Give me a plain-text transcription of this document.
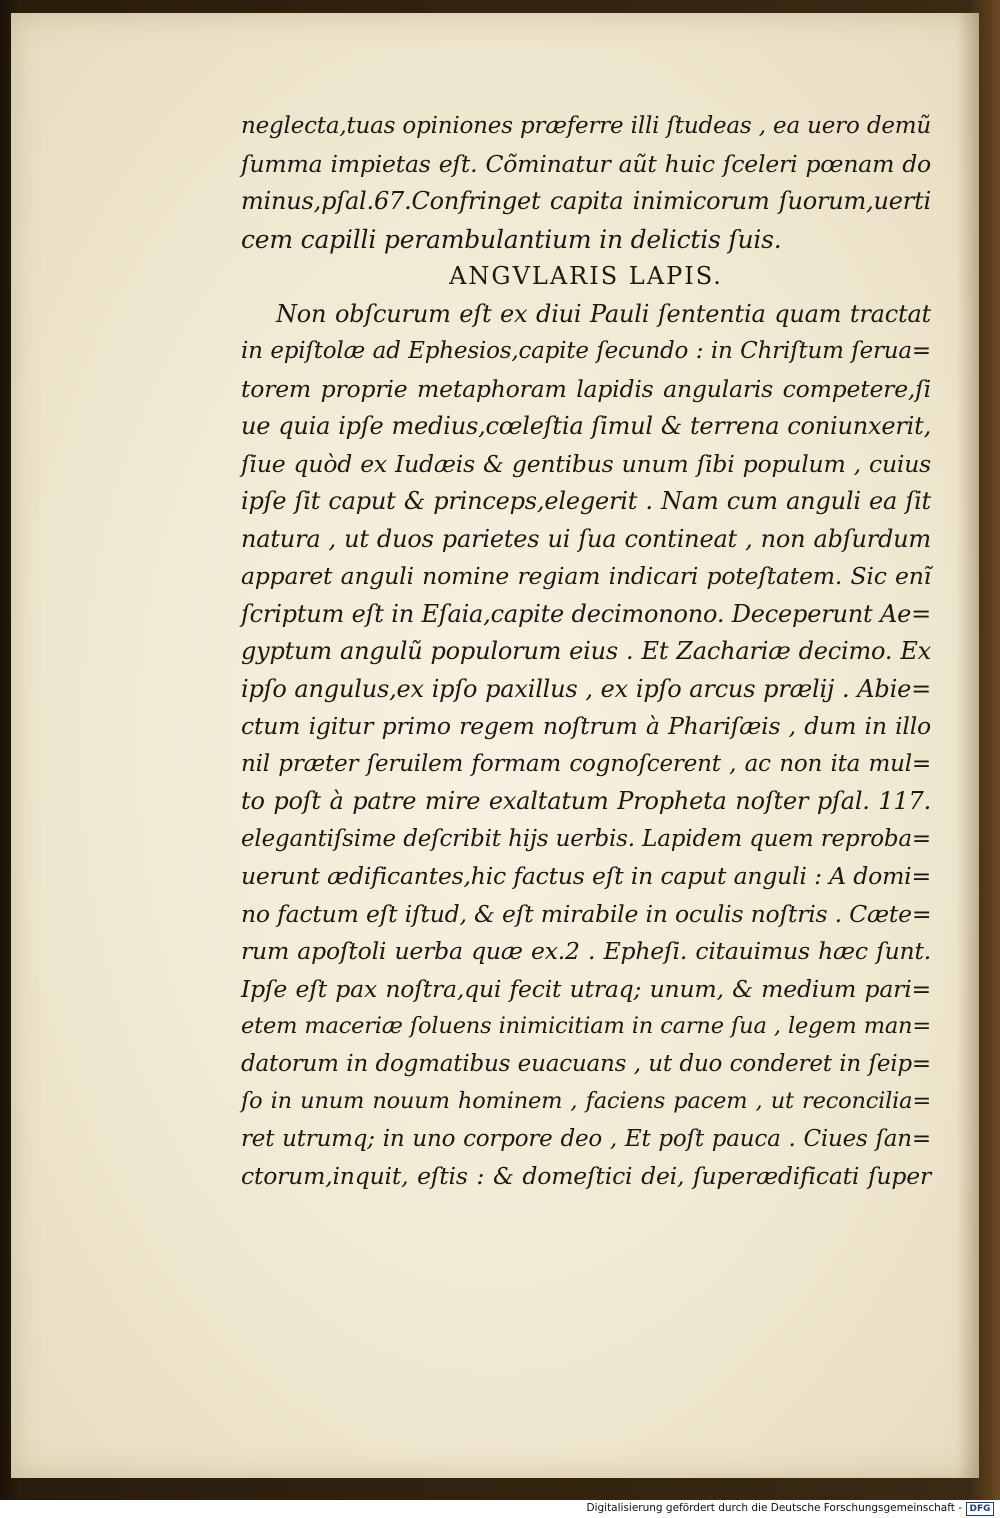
neglecta,tuas opiniones præferre illi ſtudeas , ea uero demũ
ſumma impietas eſt. Cõminatur aũt huic ſceleri pœnam do
minus,pſal.67.Confringet capita inimicorum ſuorum,uerti
cem capilli perambulantium in delictis ſuis.
ANGVLARIS LAPIS.
Non obſcurum eſt ex diui Pauli ſententia quam tractat
in epiſtolæ ad Ephesios,capite ſecundo : in Chriſtum ſerua=
torem proprie metaphoram lapidis angularis competere,ſi
ue quia ipſe medius,cœleſtia ſimul & terrena coniunxerit,
ſiue quòd ex Iudæis & gentibus unum ſibi populum , cuius
ipſe ſit caput & princeps,elegerit . Nam cum anguli ea ſit
natura , ut duos parietes ui ſua contineat , non abſurdum
apparet anguli nomine regiam indicari poteſtatem. Sic enĩ
ſcriptum eſt in Eſaia,capite decimonono. Deceperunt Ae=
gyptum angulũ populorum eius . Et Zachariæ decimo. Ex
ipſo angulus,ex ipſo paxillus , ex ipſo arcus prælij . Abie=
ctum igitur primo regem noſtrum à Phariſæis , dum in illo
nil præter ſeruilem formam cognoſcerent , ac non ita mul=
to poſt à patre mire exaltatum Propheta noſter pſal. 117.
elegantiſsime deſcribit hijs uerbis. Lapidem quem reproba=
uerunt ædificantes,hic factus eſt in caput anguli : A domi=
no factum eſt iſtud, & eſt mirabile in oculis noſtris . Cæte=
rum apoſtoli uerba quæ ex.2 . Epheſi. citauimus hæc ſunt.
Ipſe eſt pax noſtra,qui fecit utraq; unum, & medium pari=
etem maceriæ ſoluens inimicitiam in carne ſua , legem man=
datorum in dogmatibus euacuans , ut duo conderet in ſeip=
ſo in unum nouum hominem , faciens pacem , ut reconcilia=
ret utrumq; in uno corpore deo , Et poſt pauca . Ciues ſan=
ctorum,inquit, eſtis : & domeſtici dei, ſuperædificati ſuper
Digitalisierung gefördert durch die Deutsche Forschungsgemeinschaft - DFG
